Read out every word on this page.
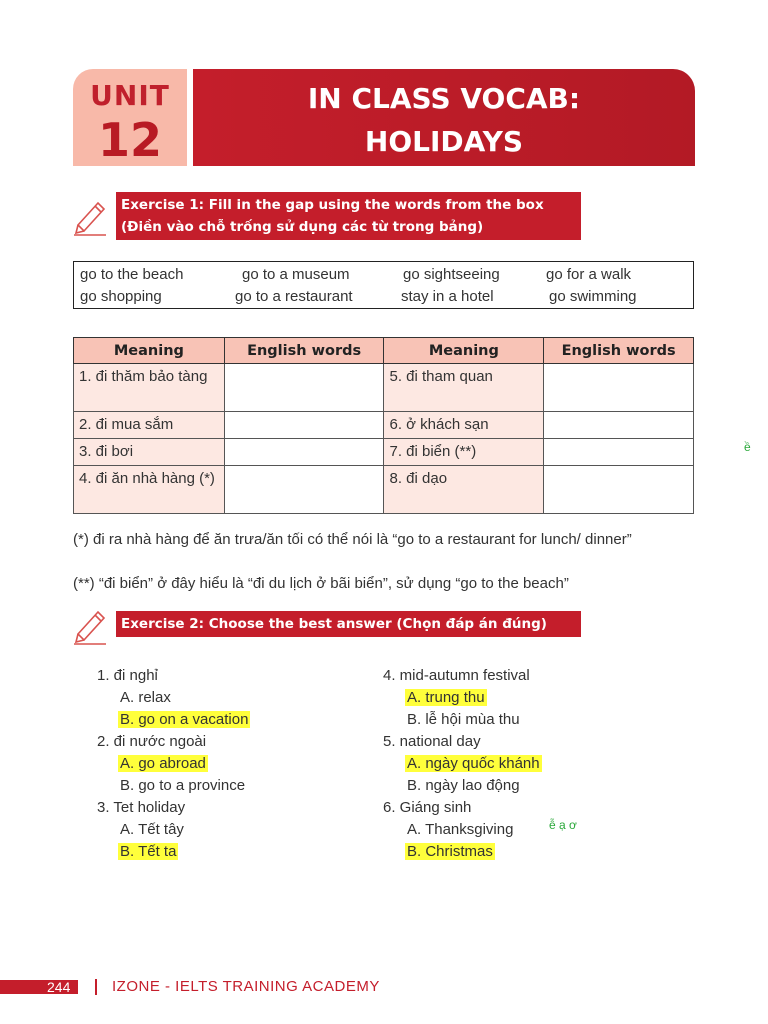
UNIT
12
IN CLASS VOCAB:
HOLIDAYS
Exercise 1: Fill in the gap using the words from the box
(Điền vào chỗ trống sử dụng các từ trong bảng)
go to the beach	go to a museum	go sightseeing	go for a walk
go shopping	go to a restaurant	stay in a hotel	go swimming
Meaning	English words	Meaning	English words
1. đi thăm bảo tàng		5. đi tham quan	
2. đi mua sắm		6. ở khách sạn	
3. đi bơi		7. đi biển (**)	
4. đi ăn nhà hàng (*)		8. đi dạo	
(*) đi ra nhà hàng để ăn trưa/ăn tối có thể nói là “go to a restaurant for lunch/ dinner”
(**) “đi biển” ở đây hiểu là “đi du lịch ở bãi biển”, sử dụng “go to the beach”
Exercise 2: Choose the best answer (Chọn đáp án đúng)
1. đi nghỉ
A. relax
B. go on a vacation
2. đi nước ngoài
A. go abroad
B. go to a province
3. Tet holiday
A. Tết tây
B. Tết ta
4. mid-autumn festival
A. trung thu
B. lễ hội mùa thu
5. national day
A. ngày quốc khánh
B. ngày lao động
6. Giáng sinh
A. Thanksgiving
B. Christmas
ề
ễ ạ ơ
244	IZONE - IELTS TRAINING ACADEMY
